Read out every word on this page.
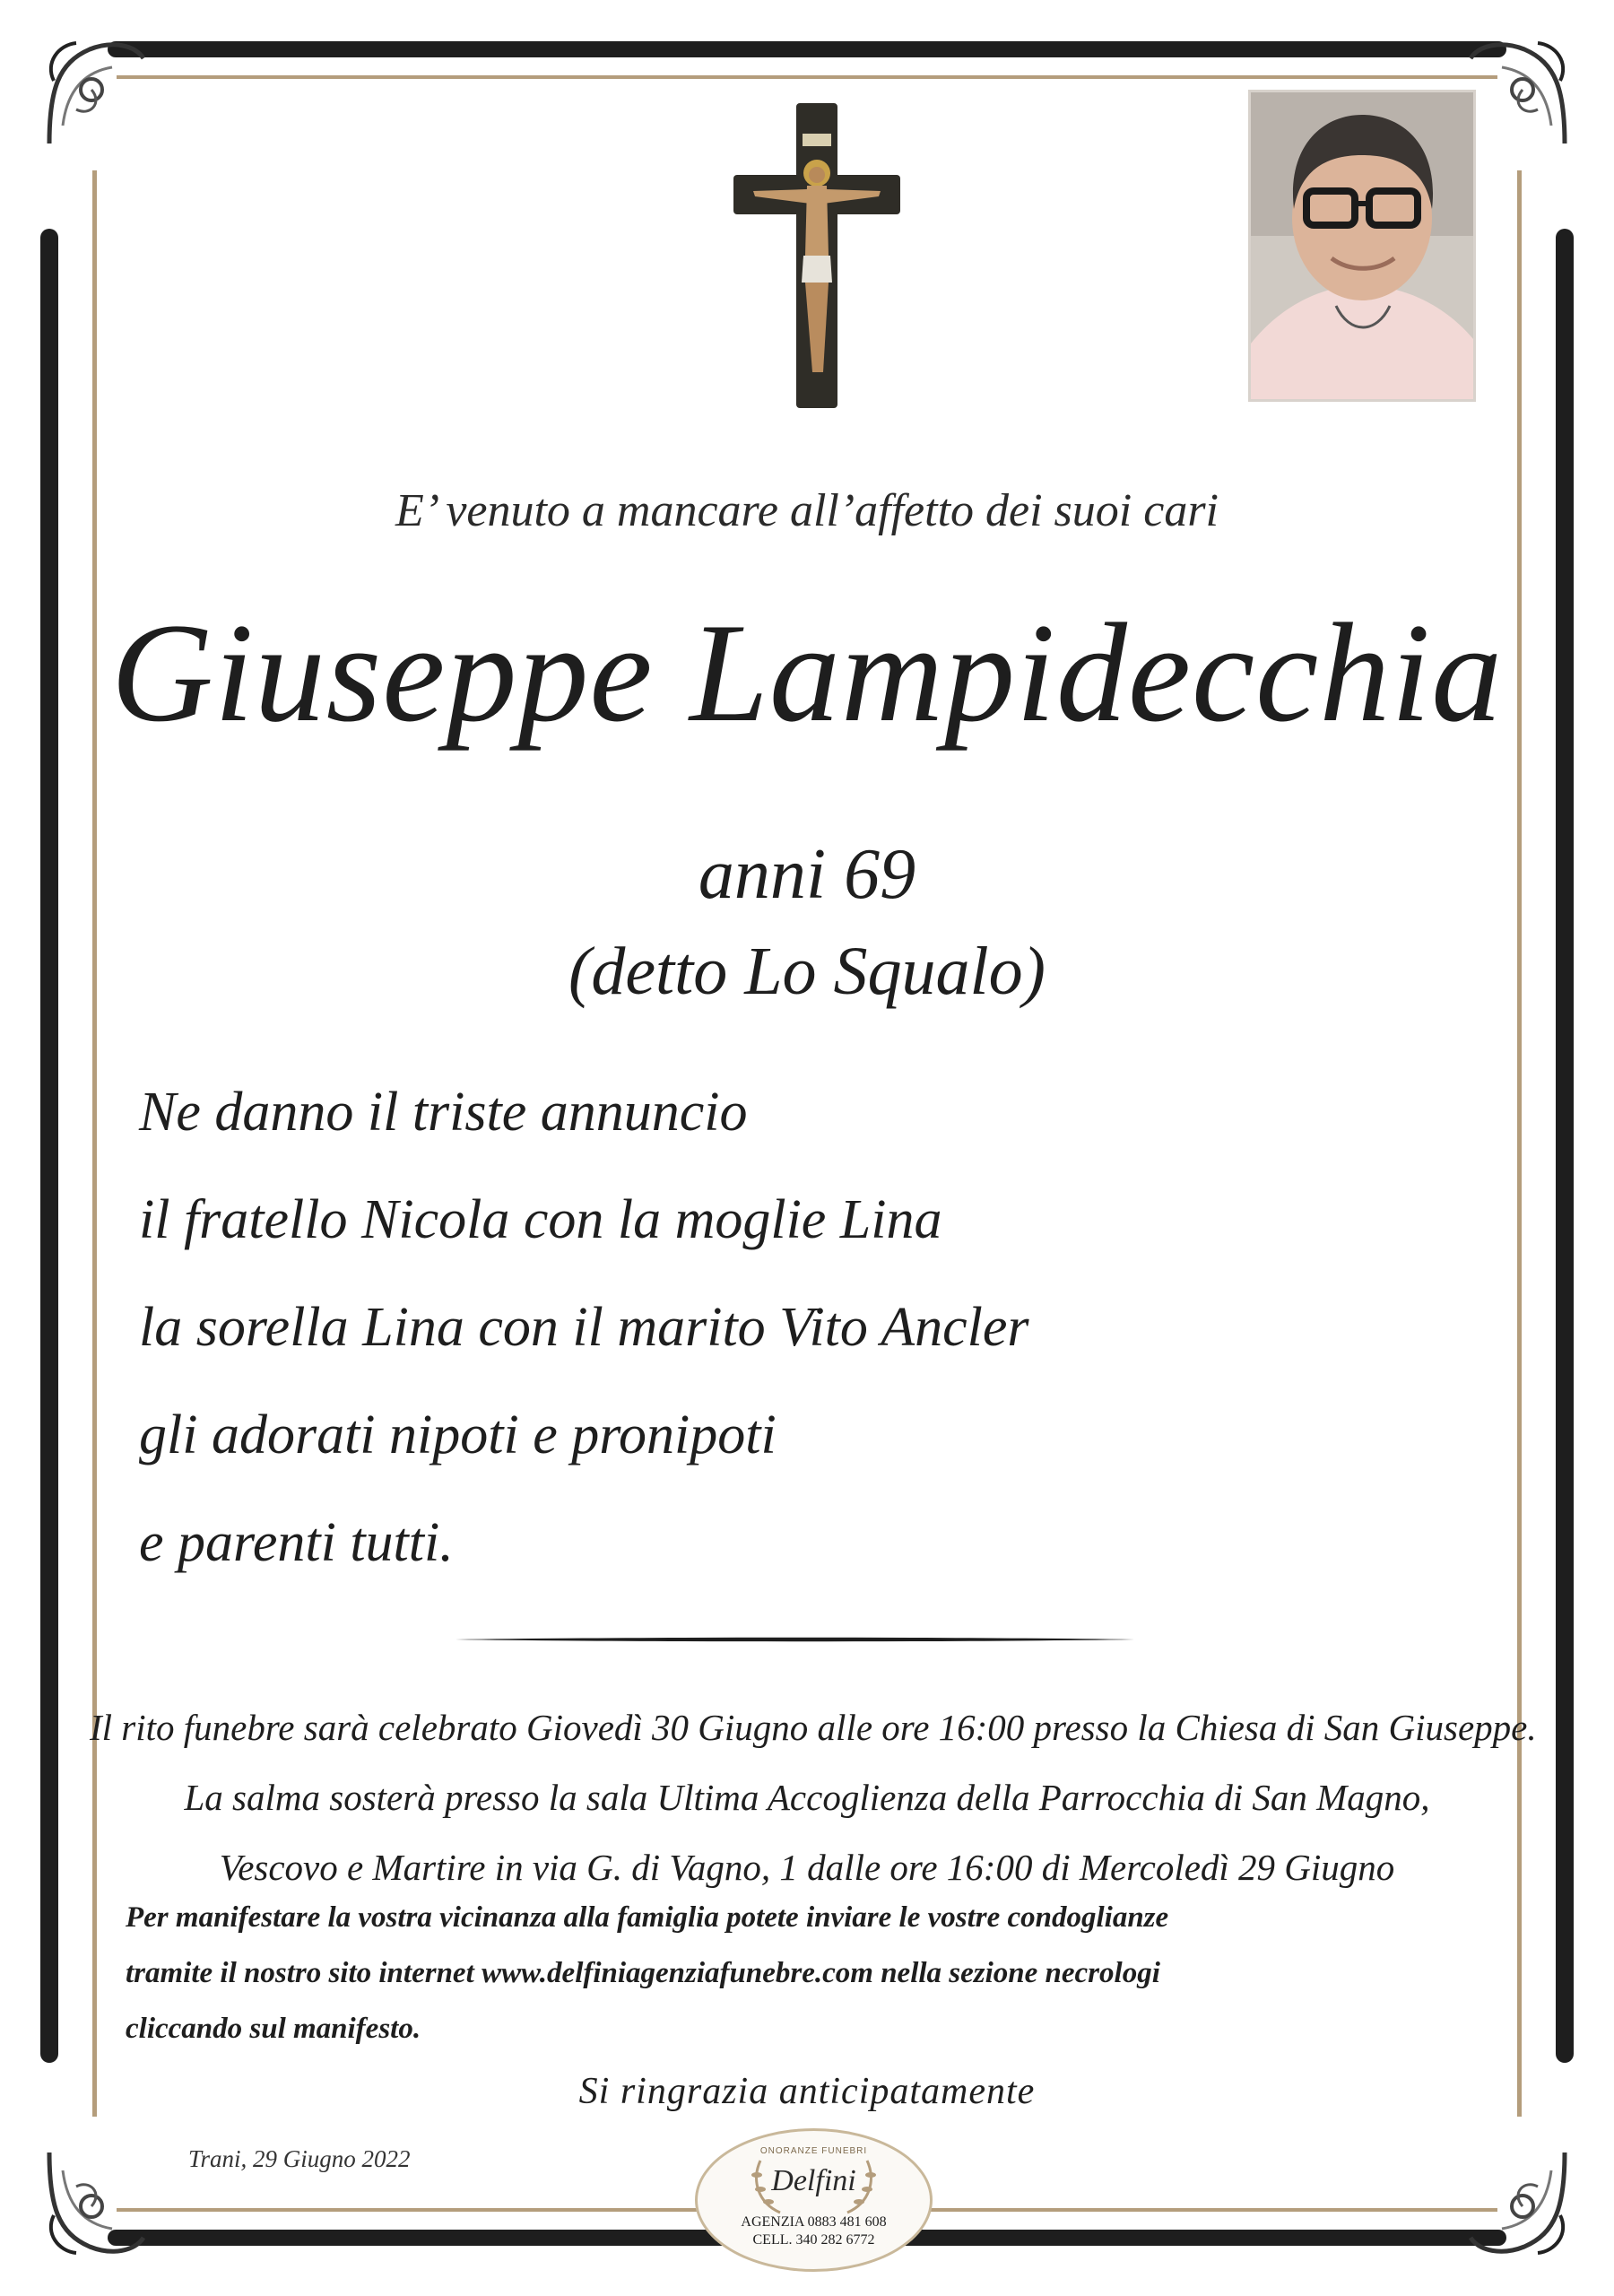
E’ venuto a mancare all’affetto dei suoi cari
Giuseppe Lampidecchia
anni 69
(detto Lo Squalo)
Ne danno il triste annuncio
il fratello Nicola con la moglie Lina
la sorella Lina con il marito Vito Ancler
gli adorati nipoti e pronipoti
e parenti tutti.
Il rito funebre sarà celebrato Giovedì 30 Giugno alle ore 16:00 presso la Chiesa di San Giuseppe.
La salma sosterà presso la sala Ultima Accoglienza della Parrocchia di San Magno,
Vescovo e Martire in via G. di Vagno, 1 dalle ore 16:00 di Mercoledì 29 Giugno
Per manifestare la vostra vicinanza alla famiglia potete inviare le vostre condoglianze
tramite il nostro sito internet www.delfiniagenziafunebre.com nella sezione necrologi
cliccando sul manifesto.
Si ringrazia anticipatamente
Trani, 29 Giugno 2022	ONORANZE FUNEBRI
Delfini
AGENZIA 0883 481 608
CELL. 340 282 6772
